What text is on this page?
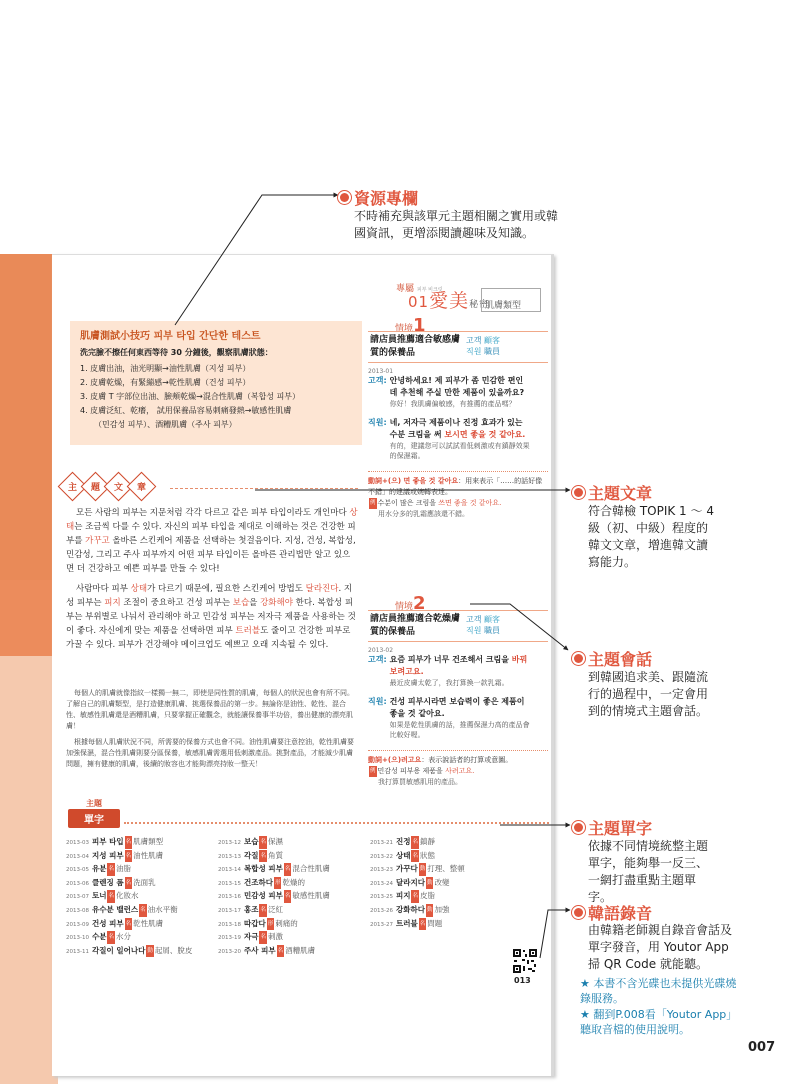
專屬 피부 비크릿
01愛美秘密
肌膚類型
肌膚測試小技巧 피부 타입 간단한 테스트
洗完臉不擦任何東西等待 30 分鐘後，觀察肌膚狀態：
1. 皮膚出油，油光明顯→油性肌膚（지성 피부）
2. 皮膚乾燥，有緊繃感→乾性肌膚（건성 피부）
3. 皮膚 T 字部位出油、臉頰乾燥→混合性肌膚（복합성 피부）
4. 皮膚泛紅、乾癢， 試用保養品容易刺痛發熱→敏感性肌膚
（민감성 피부）、酒糟肌膚（주사 피부）
主 題 文 章

모든 사람의 피부는 지문처럼 각각 다르고 같은 피부 타입이라도 개인마다 상태는 조금씩 다를 수 있다. 자신의 피부 타입을 제대로 이해하는 것은 건강한 피부를 가꾸고 올바른 스킨케어 제품을 선택하는 첫걸음이다. 지성, 건성, 복합성, 민감성, 그리고 주사 피부까지 어떤 피부 타입이든 올바른 관리법만 알고 있으면 더 건강하고 예쁜 피부를 만들 수 있다!

사람마다 피부 상태가 다르기 때문에, 필요한 스킨케어 방법도 달라진다. 지성 피부는 피지 조절이 중요하고 건성 피부는 보습을 강화해야 한다. 복합성 피부는 부위별로 나눠서 관리해야 하고 민감성 피부는 저자극 제품을 사용하는 것이 좋다. 자신에게 맞는 제품을 선택하면 피부 트러블도 줄이고 건강한 피부로 가꿀 수 있다. 피부가 건강해야 메이크업도 예쁘고 오래 지속될 수 있다.

每個人的肌膚就像指紋一樣獨一無二，即使是同性質的肌膚，每個人的狀況也會有所不同。了解自己的肌膚類型，是打造健康肌膚、挑選保養品的第一步。無論你是油性、乾性、混合性、敏感性肌膚還是酒糟肌膚，只要掌握正確觀念，就能讓保養事半功倍，養出健康的漂亮肌膚！

根據每個人肌膚狀況不同，所需要的保養方式也會不同。油性肌膚要注意控油，乾性肌膚要加強保濕，混合性肌膚則要分區保養，敏感肌膚需選用低刺激產品。挑對產品，才能減少肌膚問題，擁有健康的肌膚，後續的妝容也才能夠漂亮持妝一整天！

情境1
請店員推薦適合敏感膚質的保養品
고객 顧客
직원 職員
2013-01
고객: 안녕하세요! 제 피부가 좀 민감한 편인데 추천해 주실 만한 제품이 있을까요?
你好！我肌膚偏敏感，有推薦的產品嗎？
직원: 네, 저자극 제품이나 진정 효과가 있는 수분 크림을 써 보시면 좋을 것 같아요.
有的，建議您可以試試看低刺激或有鎮靜效果的保濕霜。
動詞+(으) 면 좋을 것 같아요：用來表示「……的話好像不錯」的建議或婉轉表達。
例 수분이 많은 크림을 쓰면 좋을 것 같아요.
用水分多的乳霜應該還不錯。
情境2
請店員推薦適合乾燥膚質的保養品
고객 顧客
직원 職員
2013-02
고객: 요즘 피부가 너무 건조해서 크림을 바꿔보려고요.
最近皮膚太乾了，我打算換一款乳霜。
직원: 건성 피부시라면 보습력이 좋은 제품이 좋을 것 같아요.
如果是乾性肌膚的話，推薦保濕力高的產品會比較好喔。
動詞+(으)려고요：表示說話者的打算或意圖。
例 민감성 피부용 제품을 사려고요.
我打算買敏感肌用的產品。
主題
單字
2013-03 피부 타입 名 肌膚類型
2013-04 지성 피부 名 油性肌膚
2013-05 유분 名 油脂
2013-06 클렌징 폼 名 洗面乳
2013-07 토너 名 化妝水
2013-08 유수분 밸런스 名 油水平衡
2013-09 건성 피부 名 乾性肌膚
2013-10 수분 名 水分
2013-11 각질이 일어나다 動 起屑、脫皮
2013-12 보습 名 保濕
2013-13 각질 名 角質
2013-14 복합성 피부 名 混合性肌膚
2013-15 건조하다 形 乾燥的
2013-16 민감성 피부 名 敏感性肌膚
2013-17 홍조 名 泛紅
2013-18 따갑다 形 刺痛的
2013-19 자극 名 刺激
2013-20 주사 피부 名 酒糟肌膚
2013-21 진정 名 鎮靜
2013-22 상태 名 狀態
2013-23 가꾸다 動 打理、整頓
2013-24 달라지다 動 改變
2013-25 피지 名 皮脂
2013-26 강화하다 動 加強
2013-27 트러블 名 問題
013
資源專欄
不時補充與該單元主題相關之實用或韓國資訊，更增添閱讀趣味及知識。
主題文章
符合韓檢 TOPIK 1 ～ 4 級（初、中級）程度的韓文文章，增進韓文讀寫能力。
主題會話
到韓國追求美、跟隨流行的過程中，一定會用到的情境式主題會話。
主題單字
依據不同情境統整主題單字，能夠舉一反三、一網打盡重點主題單字。
韓語錄音
由韓籍老師親自錄音會話及單字發音，用 Youtor App 掃 QR Code 就能聽。
★ 本書不含光碟也未提供光碟燒錄服務。
★ 翻到P.008看「Youtor App」聽取音檔的使用說明。
007
